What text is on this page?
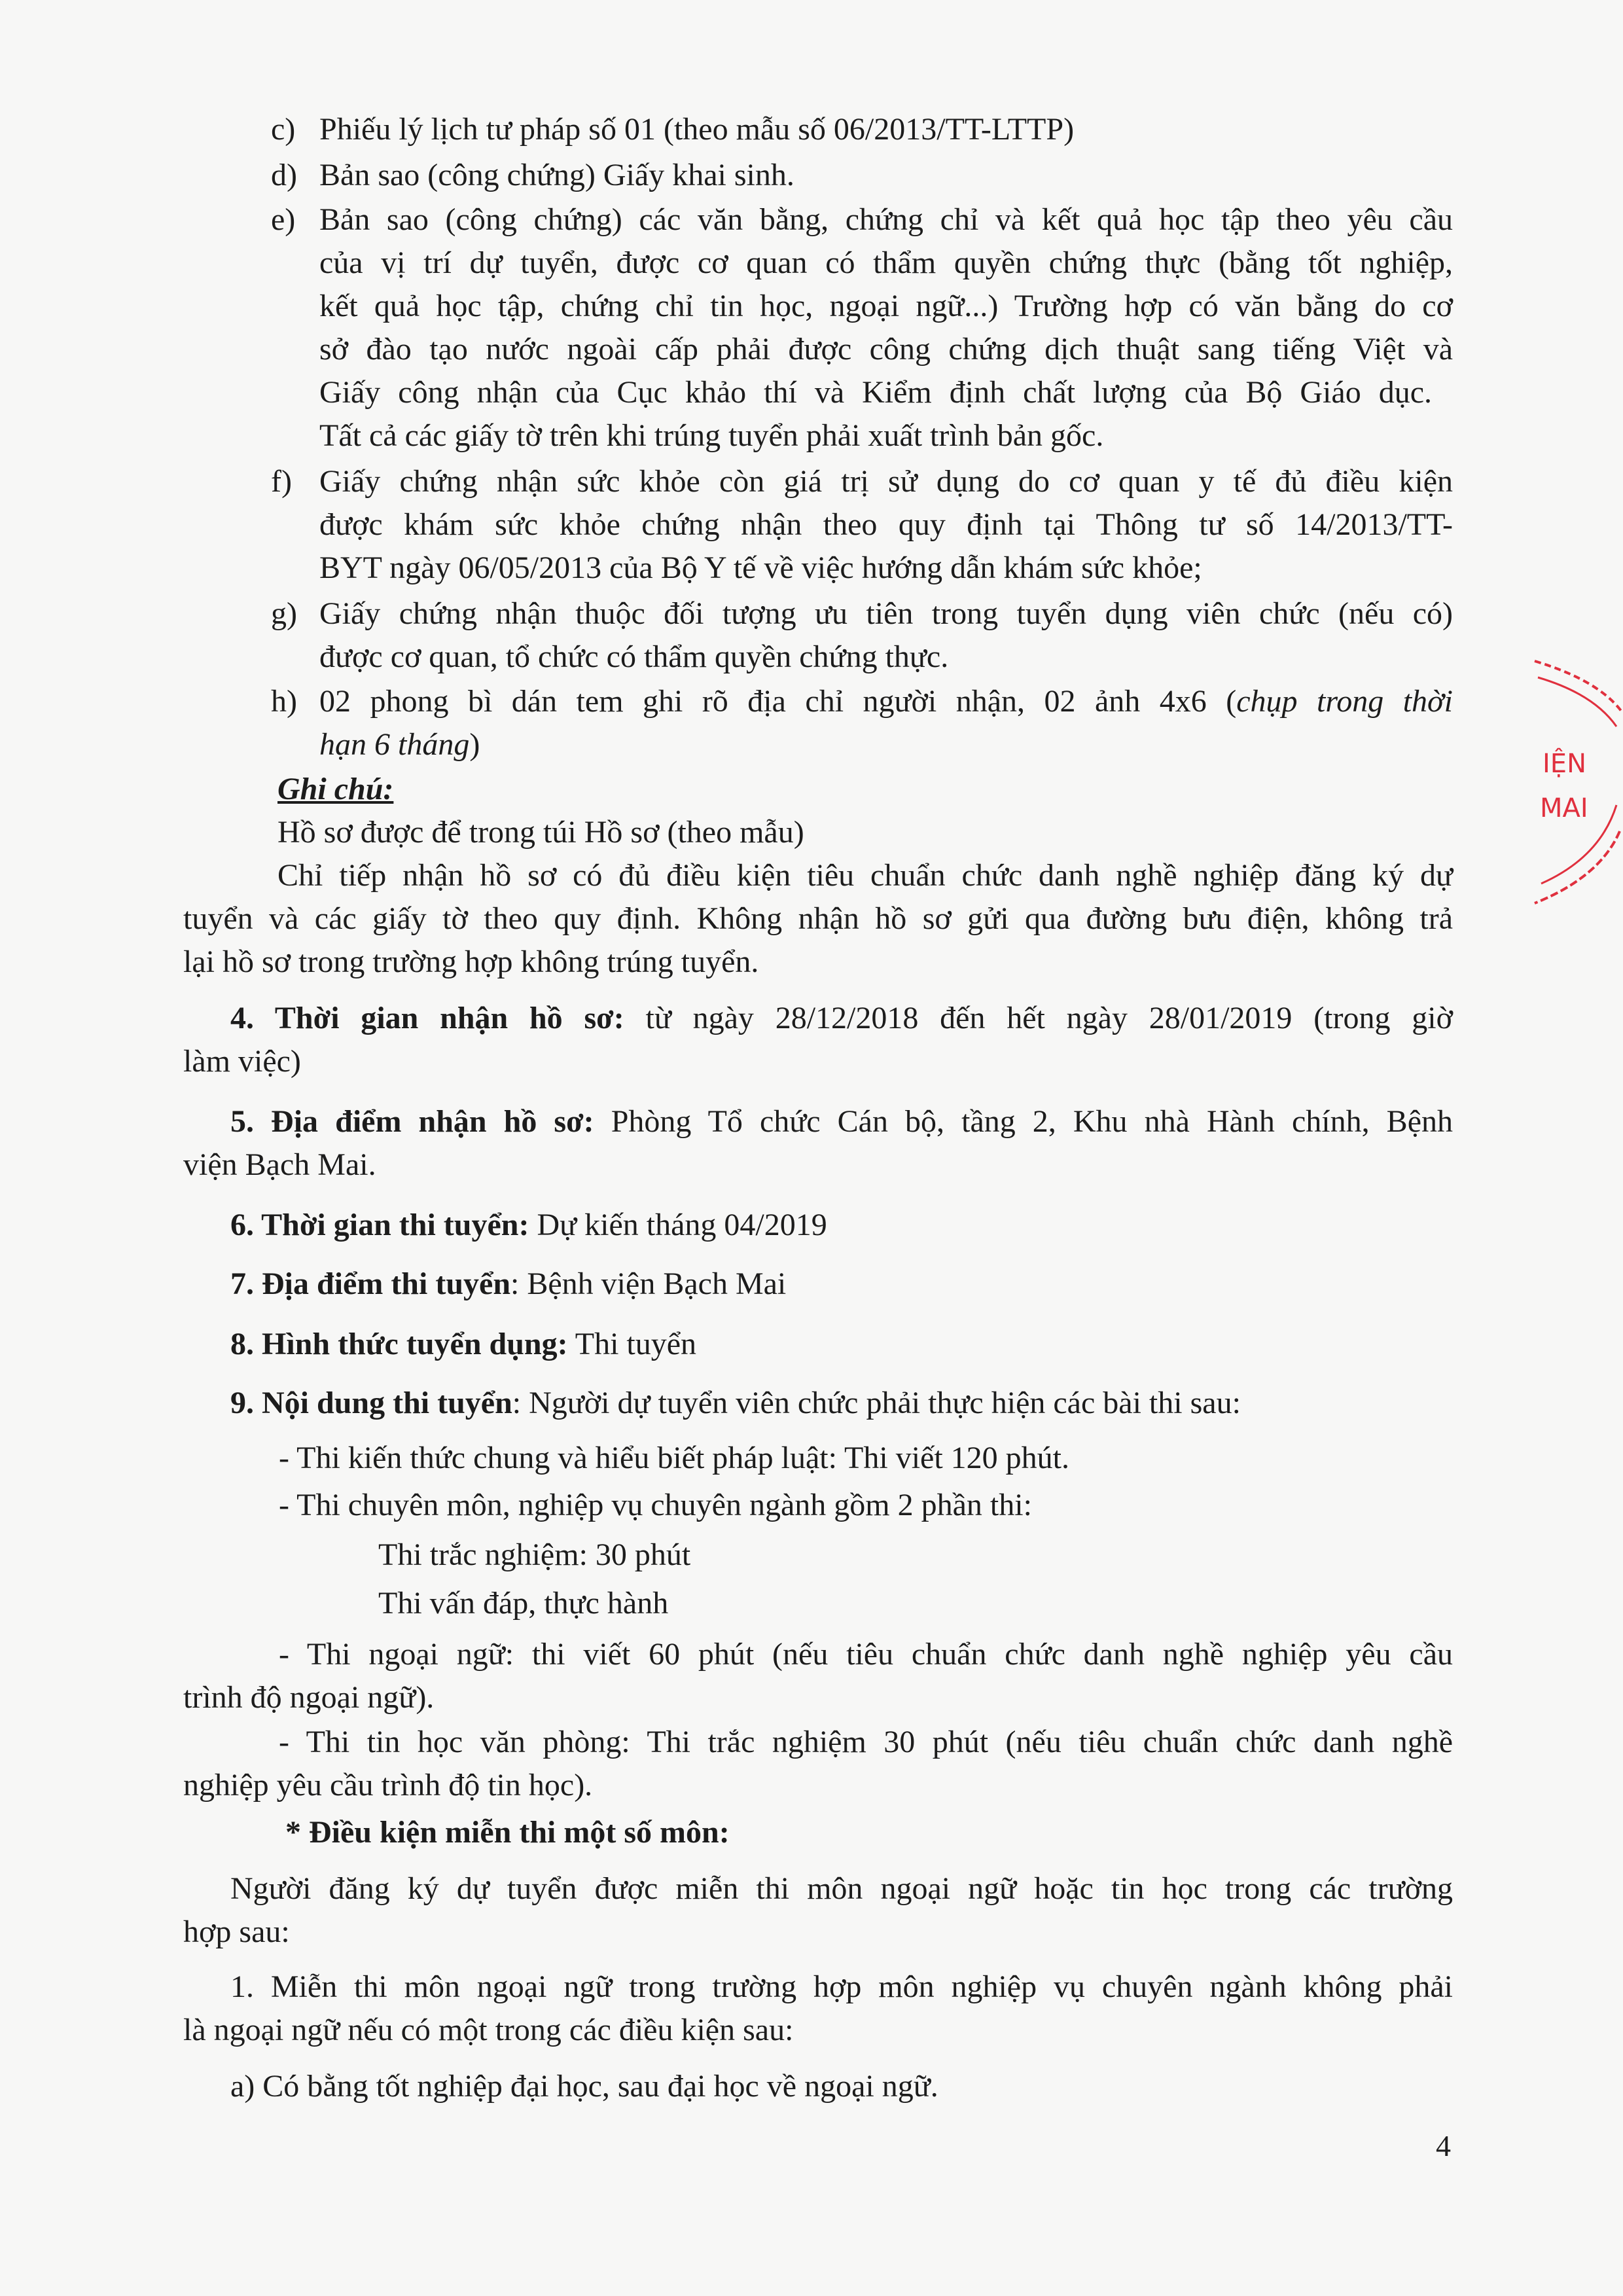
c) Phiếu lý lịch tư pháp số 01 (theo mẫu số 06/2013/TT-LTTP)
d) Bản sao (công chứng) Giấy khai sinh.
e) Bản sao (công chứng) các văn bằng, chứng chỉ và kết quả học tập theo yêu cầu
của vị trí dự tuyển, được cơ quan có thẩm quyền chứng thực (bằng tốt nghiệp,
kết quả học tập, chứng chỉ tin học, ngoại ngữ...) Trường hợp có văn bằng do cơ
sở đào tạo nước ngoài cấp phải được công chứng dịch thuật sang tiếng Việt và
Giấy công nhận của Cục khảo thí và Kiểm định chất lượng của Bộ Giáo dục.
Tất cả các giấy tờ trên khi trúng tuyển phải xuất trình bản gốc.
f) Giấy chứng nhận sức khỏe còn giá trị sử dụng do cơ quan y tế đủ điều kiện
được khám sức khỏe chứng nhận theo quy định tại Thông tư số 14/2013/TT-
BYT ngày 06/05/2013 của Bộ Y tế về việc hướng dẫn khám sức khỏe;
g) Giấy chứng nhận thuộc đối tượng ưu tiên trong tuyển dụng viên chức (nếu có)
được cơ quan, tổ chức có thẩm quyền chứng thực.
h) 02 phong bì dán tem ghi rõ địa chỉ người nhận, 02 ảnh 4x6 (chụp trong thời
hạn 6 tháng)
Ghi chú:
Hồ sơ được để trong túi Hồ sơ (theo mẫu)
Chỉ tiếp nhận hồ sơ có đủ điều kiện tiêu chuẩn chức danh nghề nghiệp đăng ký dự
tuyển và các giấy tờ theo quy định. Không nhận hồ sơ gửi qua đường bưu điện, không trả
lại hồ sơ trong trường hợp không trúng tuyển.
4. Thời gian nhận hồ sơ: từ ngày 28/12/2018 đến hết ngày 28/01/2019 (trong giờ
làm việc)
5. Địa điểm nhận hồ sơ: Phòng Tổ chức Cán bộ, tầng 2, Khu nhà Hành chính, Bệnh
viện Bạch Mai.
6. Thời gian thi tuyển: Dự kiến tháng 04/2019
7. Địa điểm thi tuyển: Bệnh viện Bạch Mai
8. Hình thức tuyển dụng: Thi tuyển
9. Nội dung thi tuyển: Người dự tuyển viên chức phải thực hiện các bài thi sau:
- Thi kiến thức chung và hiểu biết pháp luật: Thi viết 120 phút.
- Thi chuyên môn, nghiệp vụ chuyên ngành gồm 2 phần thi:
Thi trắc nghiệm: 30 phút
Thi vấn đáp, thực hành
- Thi ngoại ngữ: thi viết 60 phút (nếu tiêu chuẩn chức danh nghề nghiệp yêu cầu
trình độ ngoại ngữ).
- Thi tin học văn phòng: Thi trắc nghiệm 30 phút (nếu tiêu chuẩn chức danh nghề
nghiệp yêu cầu trình độ tin học).
* Điều kiện miễn thi một số môn:
Người đăng ký dự tuyển được miễn thi môn ngoại ngữ hoặc tin học trong các trường
hợp sau:
1. Miễn thi môn ngoại ngữ trong trường hợp môn nghiệp vụ chuyên ngành không phải
là ngoại ngữ nếu có một trong các điều kiện sau:
a) Có bằng tốt nghiệp đại học, sau đại học về ngoại ngữ.
4
IỆN
MAI
